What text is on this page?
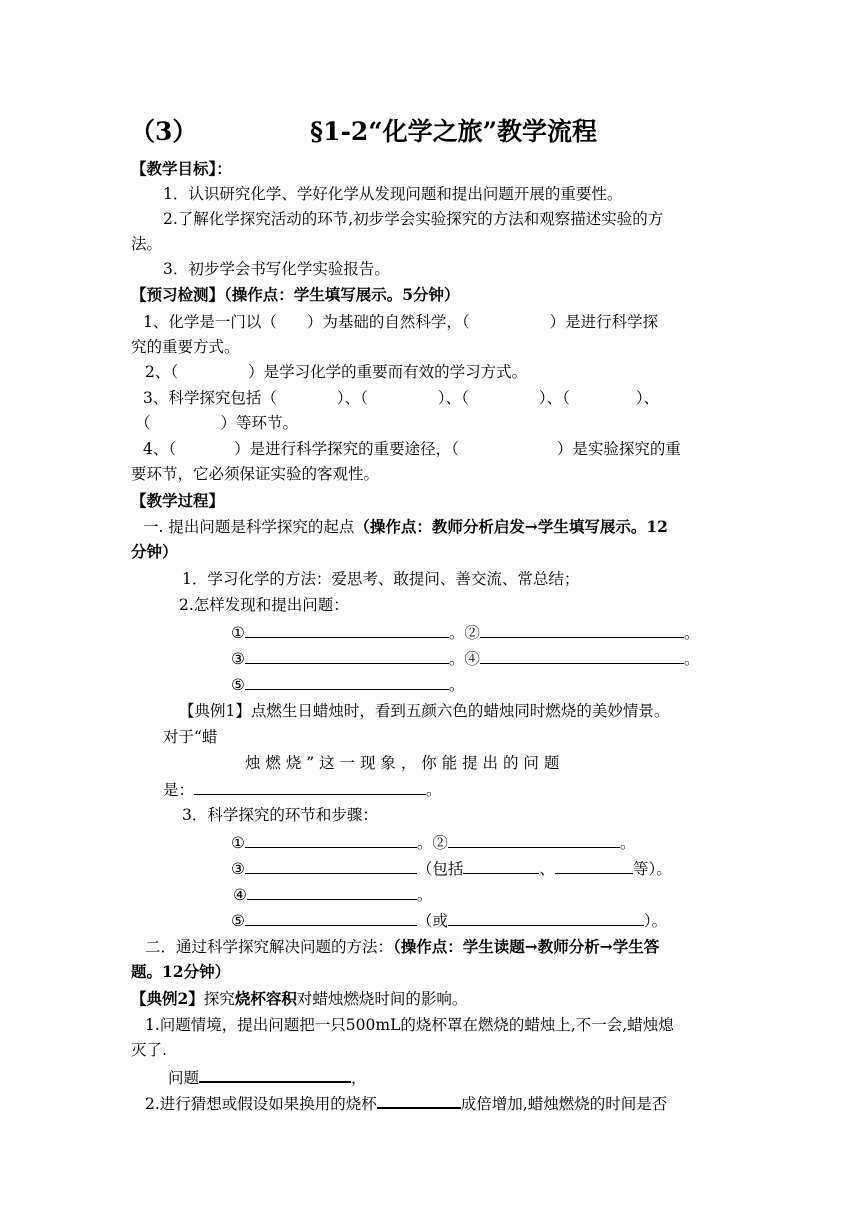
（3）	§1-2“化学之旅”教学流程
【教学目标】：
1．认识研究化学、学好化学从发现问题和提出问题开展的重要性。
2.了解化学探究活动的环节,初步学会实验探究的方法和观察描述实验的方
法。
3．初步学会书写化学实验报告。
【预习检测】（操作点：学生填写展示。5分钟）
1、化学是一门以（ ）为基础的自然科学，（	）是进行科学探
究的重要方式。
2、（	）是学习化学的重要而有效的学习方式。
3、科学探究包括（	）、（	）、（	）、（	）、
（	）等环节。
4、（	）是进行科学探究的重要途径，（	）是实验探究的重
要环节，它必须保证实验的客观性。
【教学过程】
一. 提出问题是科学探究的起点（操作点：教师分析启发→学生填写展示。12
分钟）
1．学习化学的方法：爱思考、敢提问、善交流、常总结；
2.怎样发现和提出问题：
①	。②	。
③	。④	。
⑤	。
【典例1】点燃生日蜡烛时，看到五颜六色的蜡烛同时燃烧的美妙情景。
对于“蜡
烛 燃 烧 ” 这 一 现 象 ， 你 能 提 出 的 问 题
是：	。
3．科学探究的环节和步骤：
①	。②	。
③	（包括	、	等）。
④	。
⑤	（或	）。
二．通过科学探究解决问题的方法：（操作点：学生读题→教师分析→学生答
题。12分钟）
【典例2】探究烧杯容积对蜡烛燃烧时间的影响。
1.问题情境，提出问题把一只500mL的烧杯罩在燃烧的蜡烛上,不一会,蜡烛熄
灭了.
问题	，
2.进行猜想或假设如果换用的烧杯	成倍增加,蜡烛燃烧的时间是否
